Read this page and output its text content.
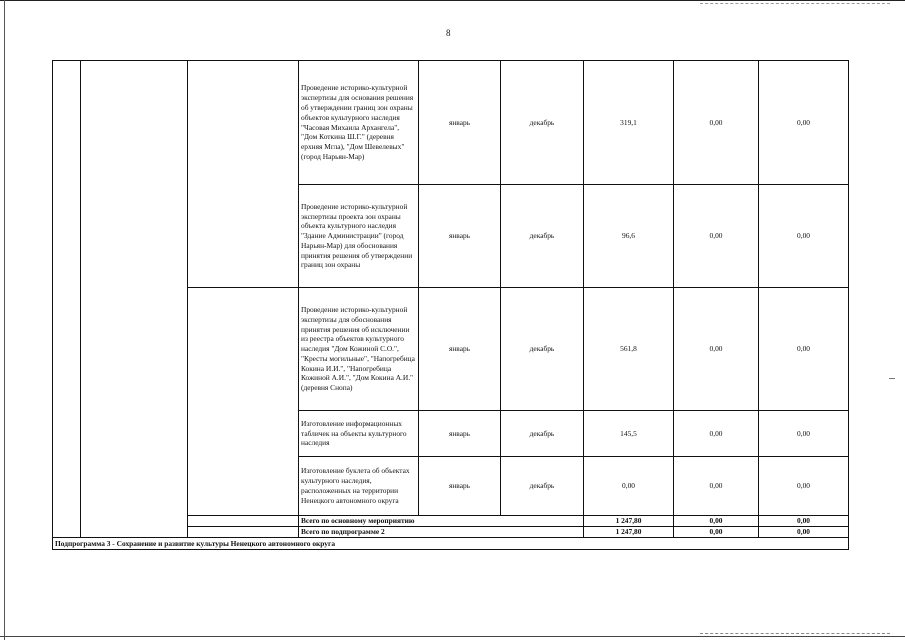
8
			Проведение историко-культурной экспертизы для основания решения об утверждении границ зон охраны объектов культурного наследия "Часовая Михаила Архангела", "Дом Коткина Ш.Г." (деревня ерхняя Мгла), "Дом Шевелевых" (город Нарьян-Мар)	январь	декабрь	319,1	0,00	0,00
			Проведение историко-культурной экспертизы проекта зон охраны объекта культурного наследия "Здание Администрации" (город Нарьян-Мар) для обоснования принятия решения об утверждении границ зон охраны	январь	декабрь	96,6	0,00	0,00
			Проведение историко-культурной экспертизы для обоснования принятия решения об исключении из реестра объектов культурного наследия "Дом Кожиной С.О.", "Кресты могильные", "Напогребица Кокина И.И.", "Напогребица Кожиной А.И.", "Дом Кокина А.И." (деревня Снопа)	январь	декабрь	561,8	0,00	0,00
			Изготовление информационных табличек на объекты культурного наследия	январь	декабрь	145,5	0,00	0,00
			Изготовление буклета об объектах культурного наследия, расположенных на территории Ненецкого автономного округа	январь	декабрь	0,00	0,00	0,00
			Всего по основному мероприятию			1 247,80	0,00	0,00
			Всего по подпрограмме 2			1 247,80	0,00	0,00
Подпрограмма 3 - Сохранение и развитие культуры Ненецкого автономного округа								
